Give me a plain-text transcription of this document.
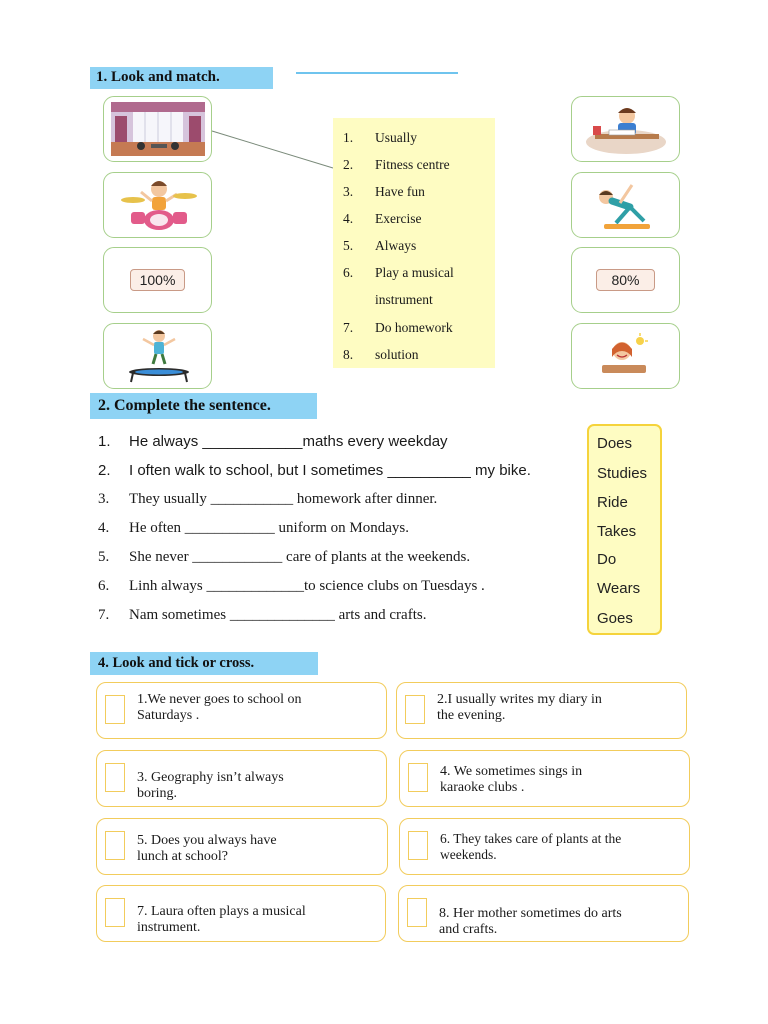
1. Look and match.
100%
1.	Usually
2.	Fitness centre
3.	Have fun
4.	Exercise
5.	Always
6.	Play a musical
instrument
7.	Do homework
8.	solution
80%
2. Complete the sentence.
1. He always ____________maths every weekday
2. I often walk to school, but I sometimes __________ my bike.
3. They usually ___________ homework after dinner.
4. He often ____________ uniform on Mondays.
5. She never ____________ care of plants at the weekends.
6. Linh always _____________to science clubs on Tuesdays .
7. Nam sometimes ______________ arts and crafts.
Does
Studies
Ride
Takes
Do
Wears
Goes
4. Look and tick or cross.
1.We never goes to school on
Saturdays .
2.I usually writes my diary in
the evening.
3. Geography isn’t always
boring.
4. We sometimes sings in
karaoke clubs .
5. Does you always have
lunch at school?
6. They takes care of plants at the
weekends.
7. Laura often plays a musical
instrument.
8. Her mother sometimes do arts
and crafts.
